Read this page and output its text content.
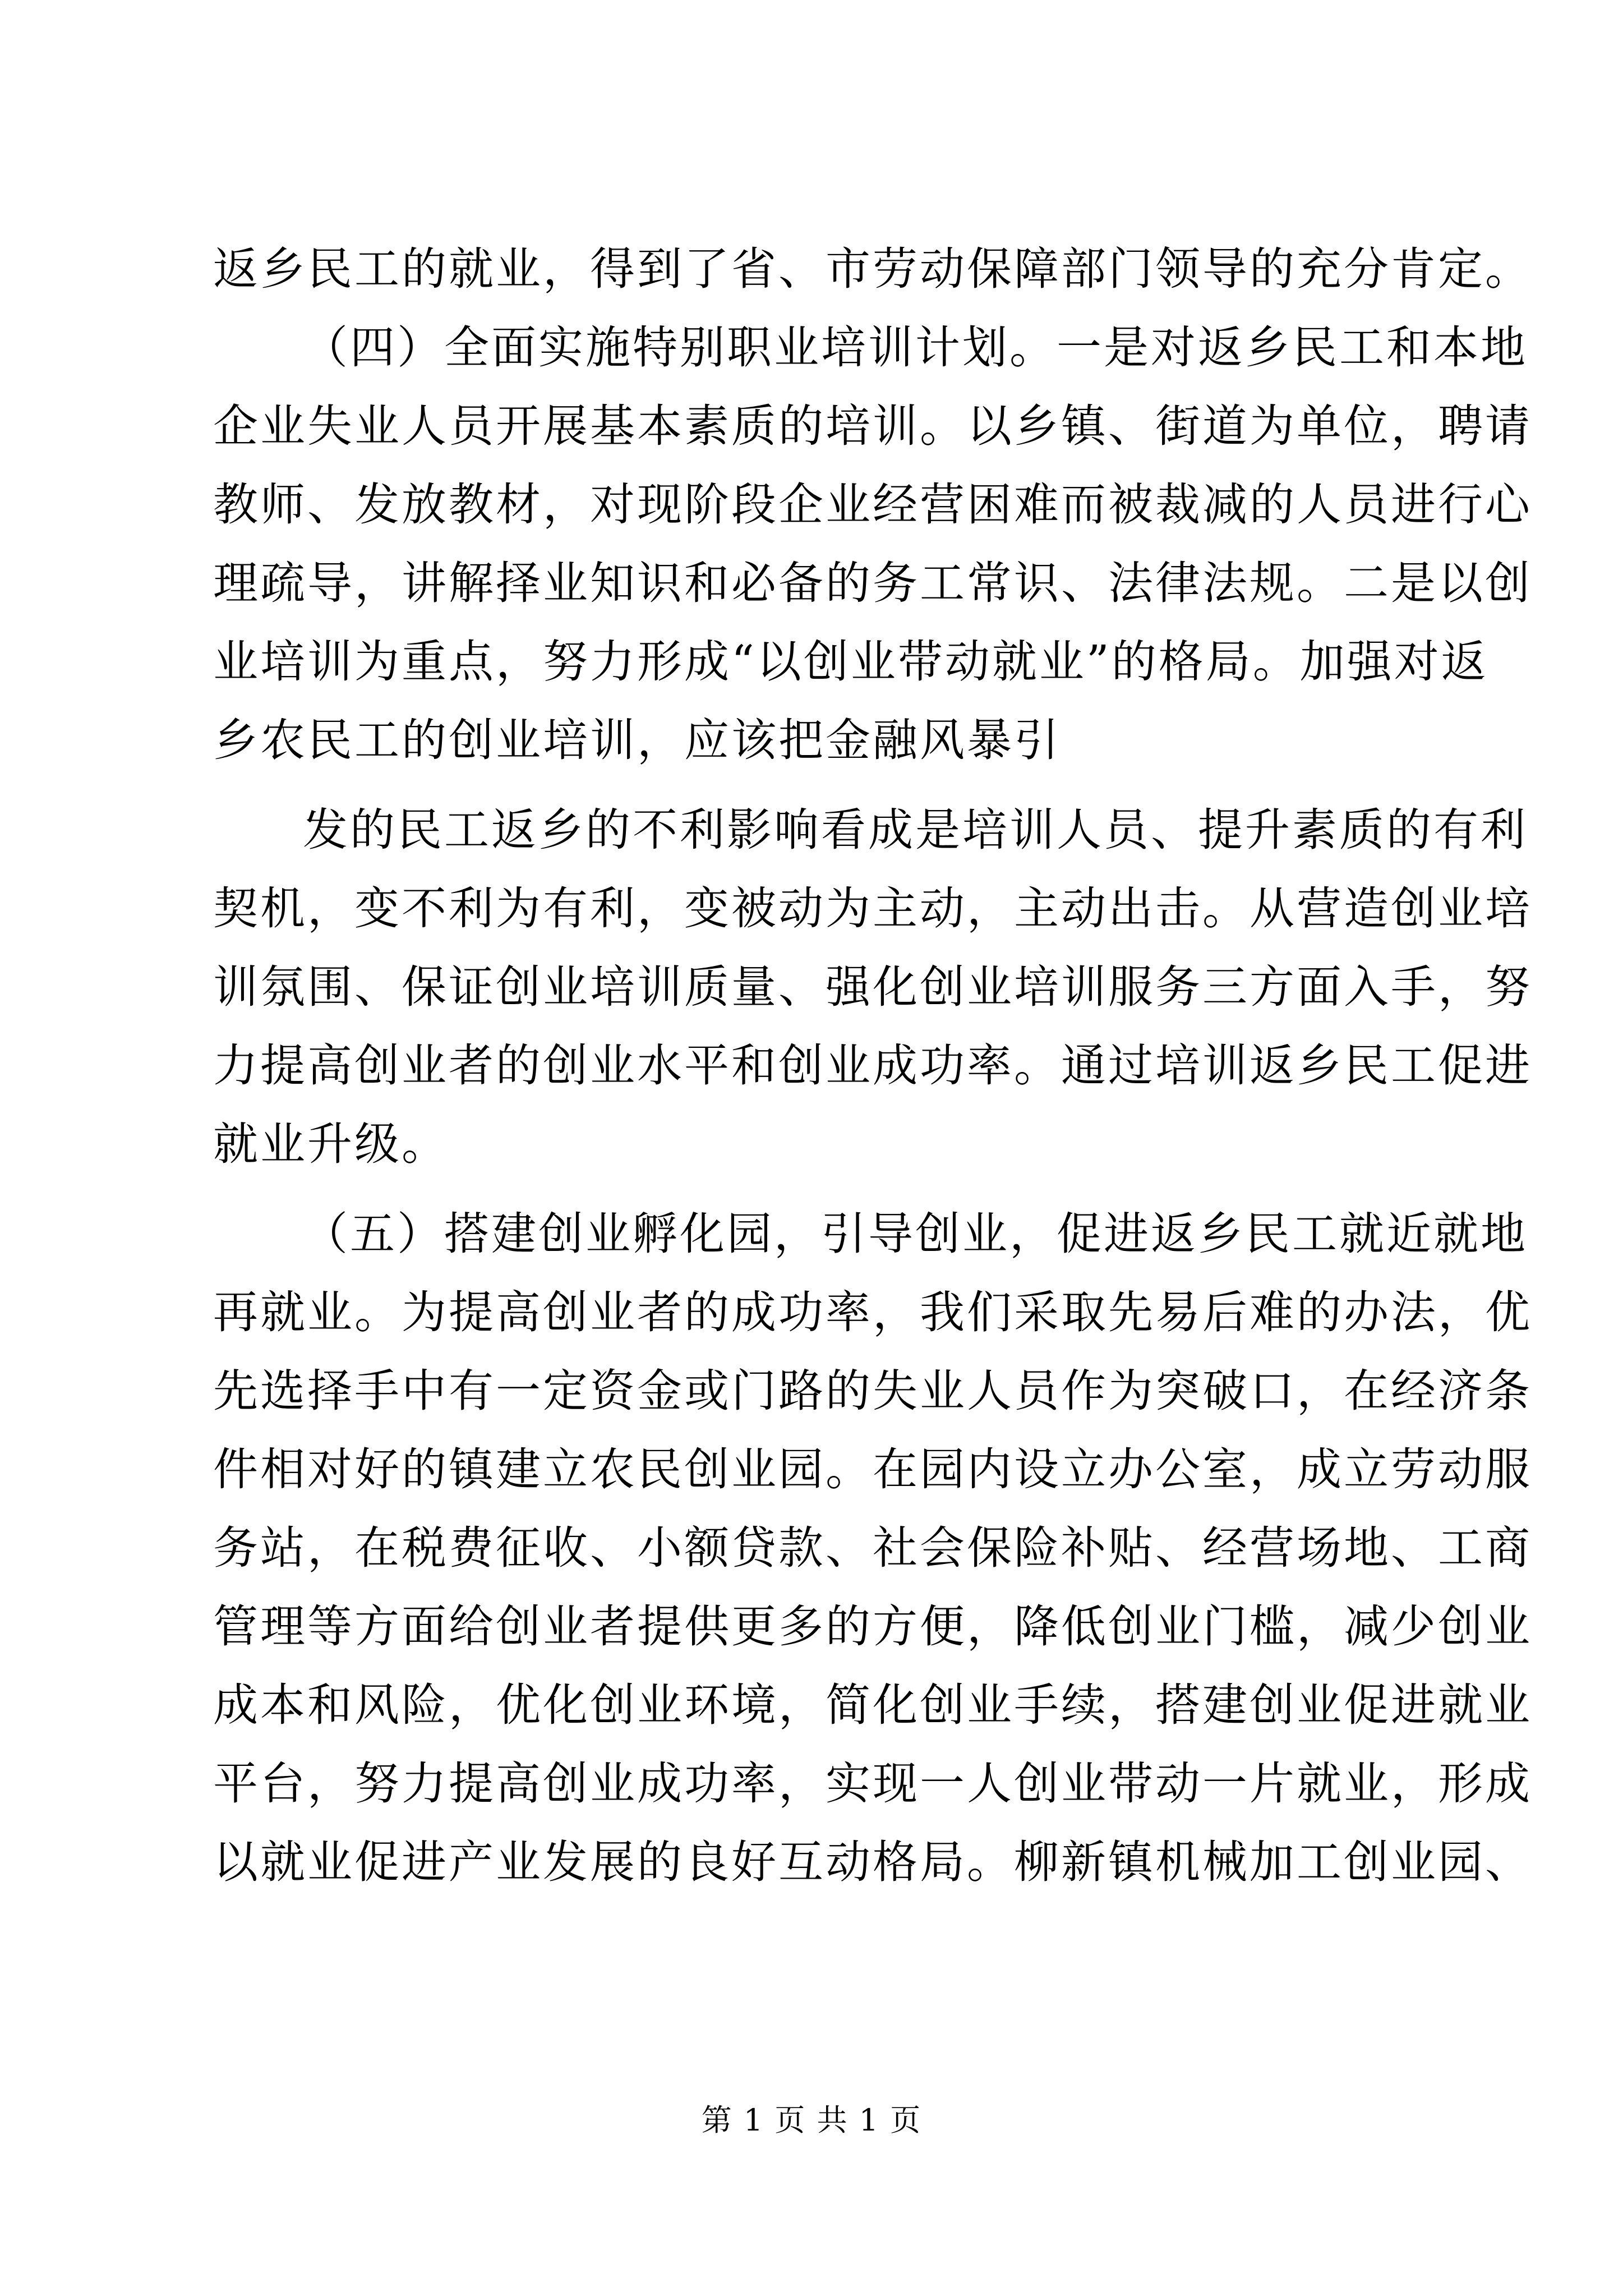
返乡民工的就业，得到了省、市劳动保障部门领导的充分肯定。
（四）全面实施特别职业培训计划。一是对返乡民工和本地
企业失业人员开展基本素质的培训。以乡镇、街道为单位，聘请
教师、发放教材，对现阶段企业经营困难而被裁减的人员进行心
理疏导，讲解择业知识和必备的务工常识、法律法规。二是以创
业培训为重点，努力形成“以创业带动就业”的格局。加强对返
乡农民工的创业培训，应该把金融风暴引
发的民工返乡的不利影响看成是培训人员、提升素质的有利
契机，变不利为有利，变被动为主动，主动出击。从营造创业培
训氛围、保证创业培训质量、强化创业培训服务三方面入手，努
力提高创业者的创业水平和创业成功率。通过培训返乡民工促进
就业升级。
（五）搭建创业孵化园，引导创业，促进返乡民工就近就地
再就业。为提高创业者的成功率，我们采取先易后难的办法，优
先选择手中有一定资金或门路的失业人员作为突破口，在经济条
件相对好的镇建立农民创业园。在园内设立办公室，成立劳动服
务站，在税费征收、小额贷款、社会保险补贴、经营场地、工商
管理等方面给创业者提供更多的方便，降低创业门槛，减少创业
成本和风险，优化创业环境，简化创业手续，搭建创业促进就业
平台，努力提高创业成功率，实现一人创业带动一片就业，形成
以就业促进产业发展的良好互动格局。柳新镇机械加工创业园、
第 1 页 共 1 页
